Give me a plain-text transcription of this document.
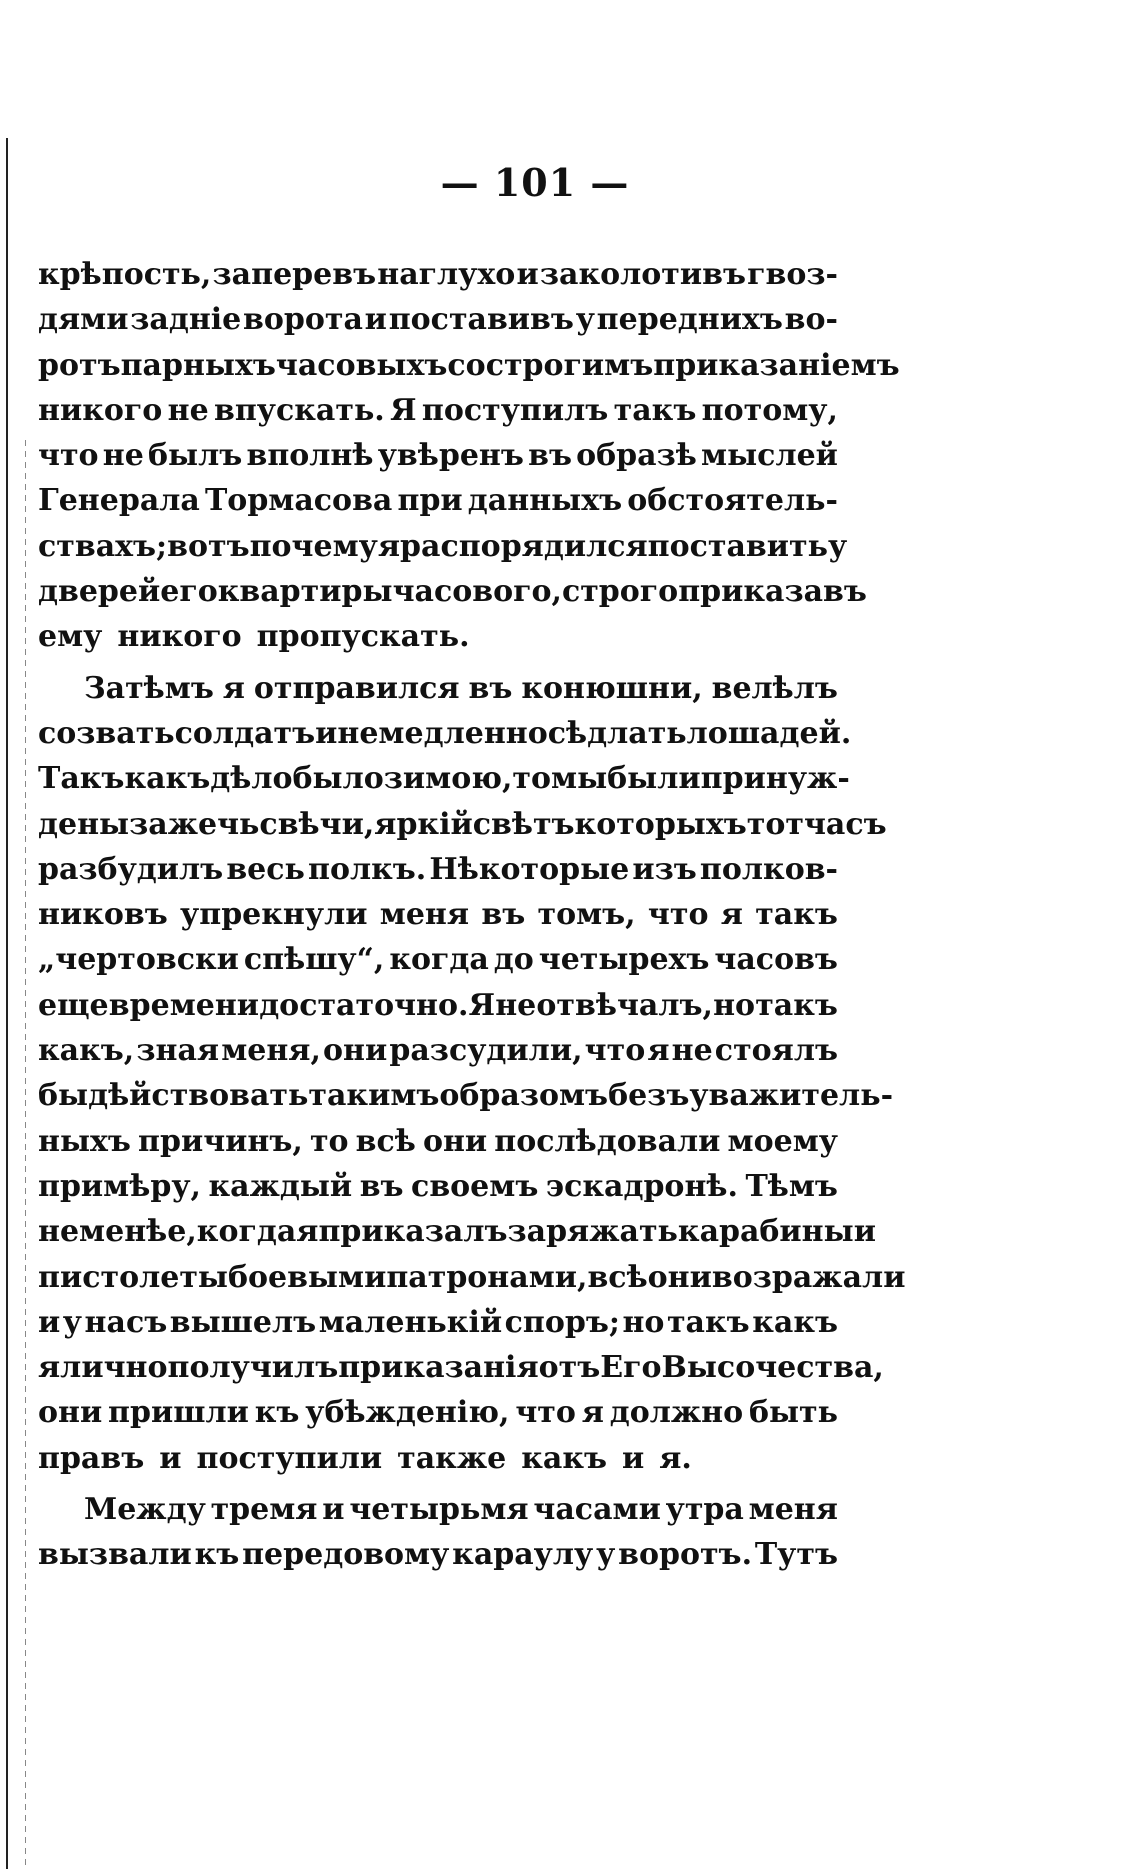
— 101 —
крѣпость, заперевъ наглухо и заколотивъ гвоз-
дями задніе ворота и поставивъ у переднихъ во-
ротъ парныхъ часовыхъ со строгимъ приказаніемъ
никого не впускать. Я поступилъ такъ потому,
что не былъ вполнѣ увѣренъ въ образѣ мыслей
Генерала Тормасова при данныхъ обстоятель-
ствахъ; вотъ почему я распорядился поставить у
дверей его квартиры часового, строго приказавъ
ему никого пропускать.
Затѣмъ я отправился въ конюшни, велѣлъ
созвать солдатъ и немедленно сѣдлать лошадей.
Такъ какъ дѣло было зимою, то мы были принуж-
дены зажечь свѣчи, яркій свѣтъ которыхъ тотчасъ
разбудилъ весь полкъ. Нѣкоторые изъ полков-
никовъ упрекнули меня въ томъ, что я такъ
„чертовски спѣшу“, когда до четырехъ часовъ
еще времени достаточно. Я не отвѣчалъ, но такъ
какъ, зная меня, они разсудили, что я не стоялъ
бы дѣйствовать такимъ образомъ безъ уважитель-
ныхъ причинъ, то всѣ они послѣдовали моему
примѣру, каждый въ своемъ эскадронѣ. Тѣмъ
не менѣе, когда я приказалъ заряжать карабины и
пистолеты боевыми патронами, всѣ они возражали
и у насъ вышелъ маленькій споръ; но такъ какъ
я лично получилъ приказанія отъ Его Высочества,
они пришли къ убѣжденію, что я должно быть
правъ и поступили также какъ и я.
Между тремя и четырьмя часами утра меня
вызвали къ передовому караулу у воротъ. Тутъ
